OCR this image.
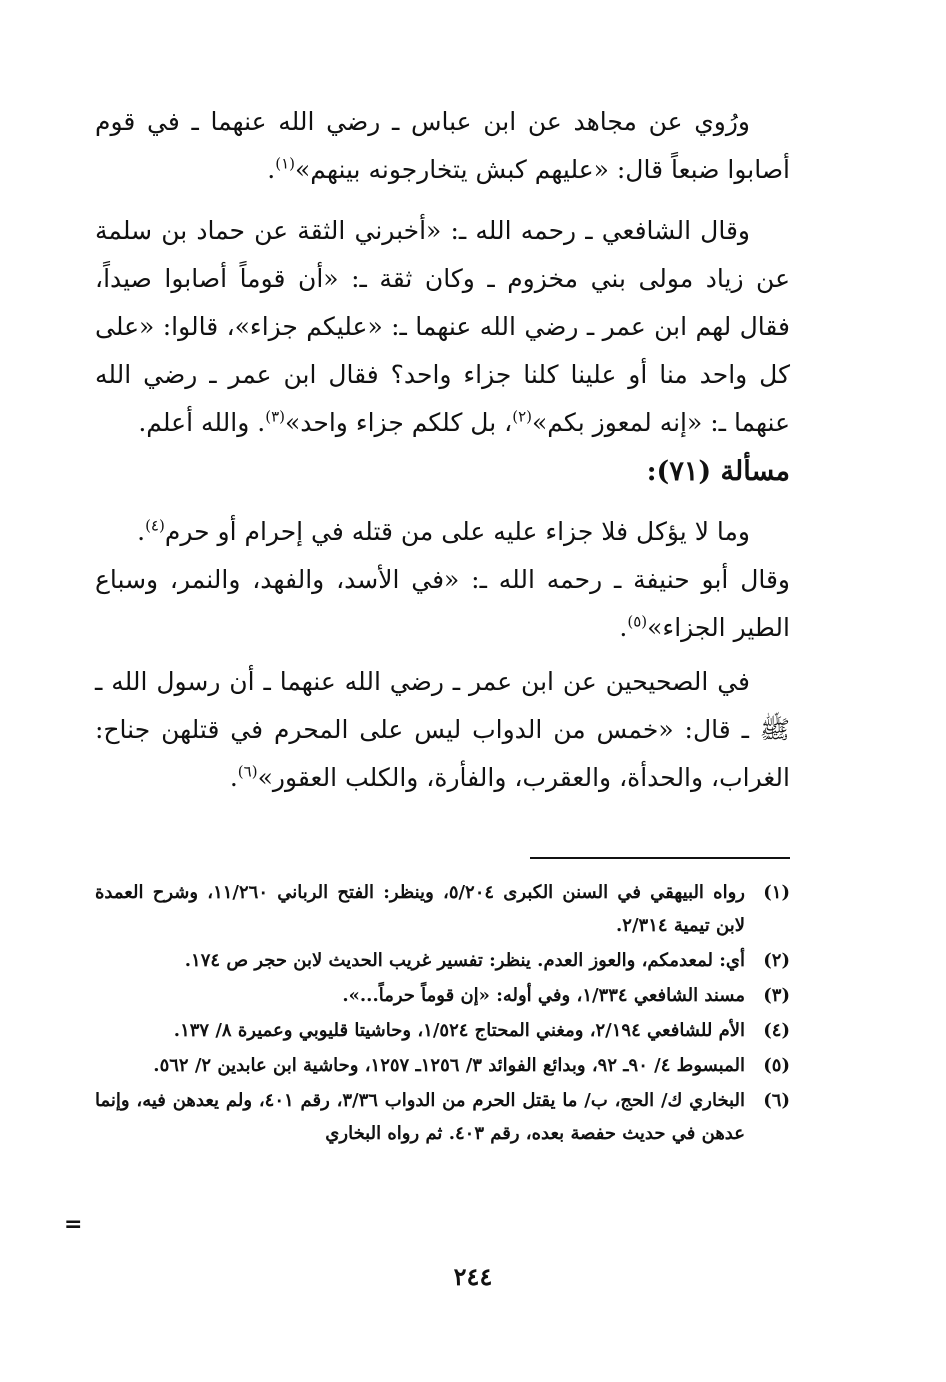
ورُوي عن مجاهد عن ابن عباس ـ رضي الله عنهما ـ في قوم أصابوا ضبعاً قال: «عليهم كبش يتخارجونه بينهم»$^{(١)}$.

وقال الشافعي ـ رحمه الله ـ: «أخبرني الثقة عن حماد بن سلمة عن زياد مولى بني مخزوم ـ وكان ثقة ـ: «أن قوماً أصابوا صيداً، فقال لهم ابن عمر ـ رضي الله عنهما ـ: «عليكم جزاء»، قالوا: «على كل واحد منا أو علينا كلنا جزاء واحد؟ فقال ابن عمر ـ رضي الله عنهما ـ: «إنه لمعوز بكم»$^{(٢)}$، بل كلكم جزاء واحد»$^{(٣)}$. والله أعلم.

مسألة (٧١):

وما لا يؤكل فلا جزاء عليه على من قتله في إحرام أو حرم$^{(٤)}$.

وقال أبو حنيفة ـ رحمه الله ـ: «في الأسد، والفهد، والنمر، وسباع الطير الجزاء»$^{(٥)}$.

في الصحيحين عن ابن عمر ـ رضي الله عنهما ـ أن رسول الله ـ ﷺ ـ قال: «خمس من الدواب ليس على المحرم في قتلهن جناح: الغراب، والحدأة، والعقرب، والفأرة، والكلب العقور»$^{(٦)}$.

(١)
رواه البيهقي في السنن الكبرى ٥/٢٠٤، وينظر: الفتح الرباني ١١/٢٦٠، وشرح العمدة لابن تيمية ٢/٣١٤.
(٢)
أي: لمعدمكم، والعوز العدم. ينظر: تفسير غريب الحديث لابن حجر ص ١٧٤.
(٣)
مسند الشافعي ١/٣٣٤، وفي أوله: «إن قوماً حرماً...».
(٤)
الأم للشافعي ٢/١٩٤، ومغني المحتاج ١/٥٢٤، وحاشيتا قليوبي وعميرة ٨/ ١٣٧.
(٥)
المبسوط ٤/ ٩٠ـ ٩٢، وبدائع الفوائد ٣/ ١٢٥٦ـ ١٢٥٧، وحاشية ابن عابدين ٢/ ٥٦٢.
(٦)
البخاري ك/ الحج، ب/ ما يقتل الحرم من الدواب ٣/٣٦، رقم ٤٠١، ولم يعدهن فيه، وإنما عدهن في حديث حفصة بعده، رقم ٤٠٣. ثم رواه البخاري
=
٢٤٤
